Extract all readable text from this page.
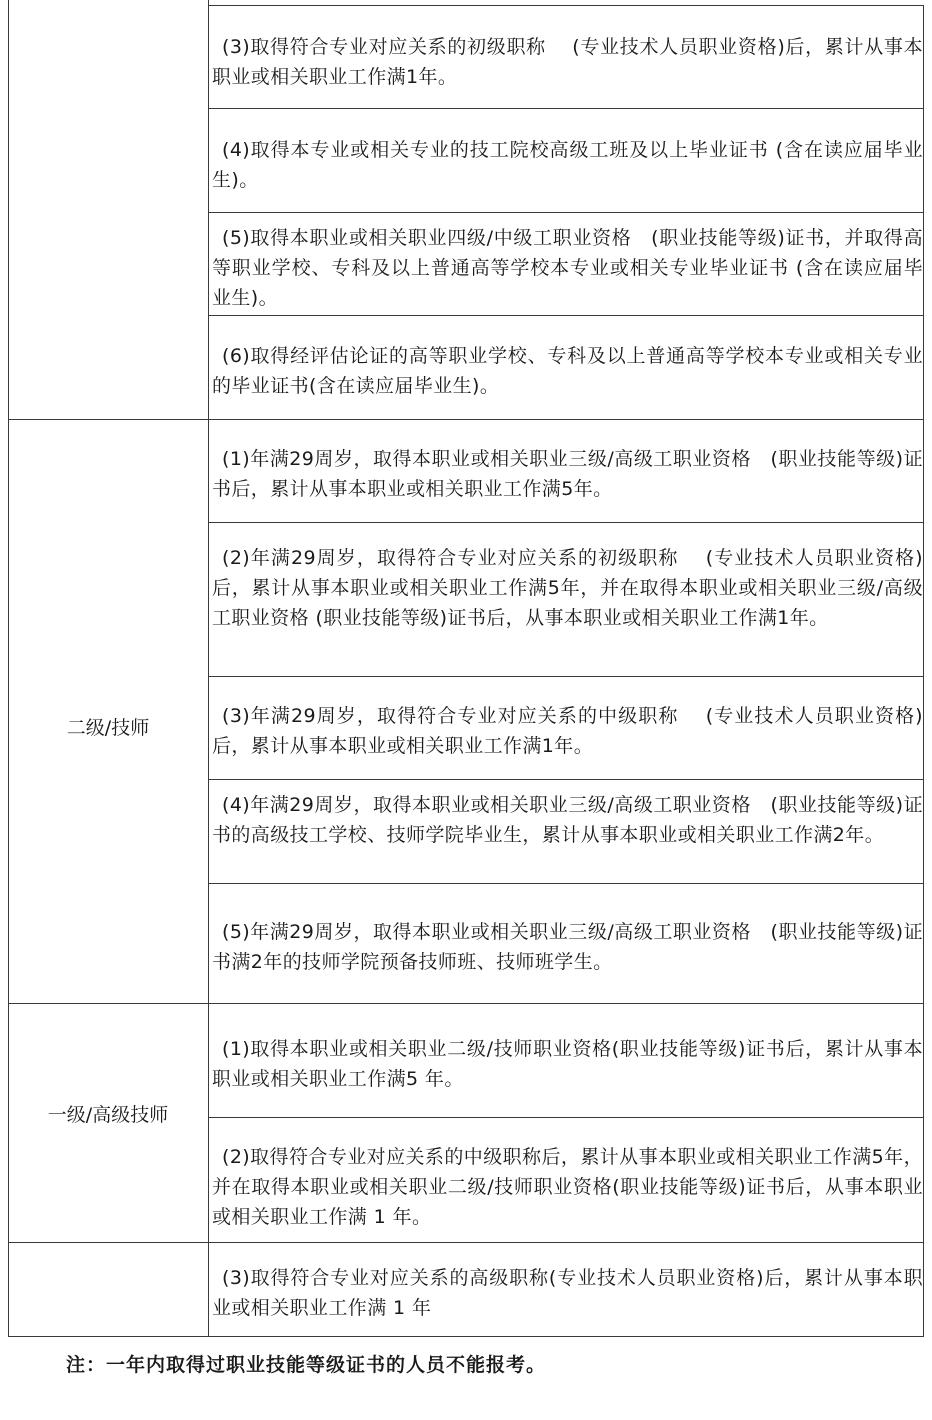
(3)取得符合专业对应关系的初级职称　 (专业技术人员职业资格)后，累计从事本职业或相关职业工作满1年。
(4)取得本专业或相关专业的技工院校高级工班及以上毕业证书 (含在读应届毕业生)。
(5)取得本职业或相关职业四级/中级工职业资格　(职业技能等级)证书，并取得高等职业学校、专科及以上普通高等学校本专业或相关专业毕业证书 (含在读应届毕业生)。
(6)取得经评估论证的高等职业学校、专科及以上普通高等学校本专业或相关专业的毕业证书(含在读应届毕业生)。
二级/技师
(1)年满29周岁，取得本职业或相关职业三级/高级工职业资格　(职业技能等级)证书后，累计从事本职业或相关职业工作满5年。
(2)年满29周岁，取得符合专业对应关系的初级职称　 (专业技术人员职业资格)后，累计从事本职业或相关职业工作满5年，并在取得本职业或相关职业三级/高级工职业资格 (职业技能等级)证书后，从事本职业或相关职业工作满1年。
(3)年满29周岁，取得符合专业对应关系的中级职称　 (专业技术人员职业资格)后，累计从事本职业或相关职业工作满1年。
(4)年满29周岁，取得本职业或相关职业三级/高级工职业资格　(职业技能等级)证书的高级技工学校、技师学院毕业生，累计从事本职业或相关职业工作满2年。
(5)年满29周岁，取得本职业或相关职业三级/高级工职业资格　(职业技能等级)证书满2年的技师学院预备技师班、技师班学生。
一级/高级技师
(1)取得本职业或相关职业二级/技师职业资格(职业技能等级)证书后，累计从事本职业或相关职业工作满5 年。
(2)取得符合专业对应关系的中级职称后，累计从事本职业或相关职业工作满5年，并在取得本职业或相关职业二级/技师职业资格(职业技能等级)证书后，从事本职业或相关职业工作满 1 年。
(3)取得符合专业对应关系的高级职称(专业技术人员职业资格)后，累计从事本职业或相关职业工作满 1 年
注：一年内取得过职业技能等级证书的人员不能报考。
